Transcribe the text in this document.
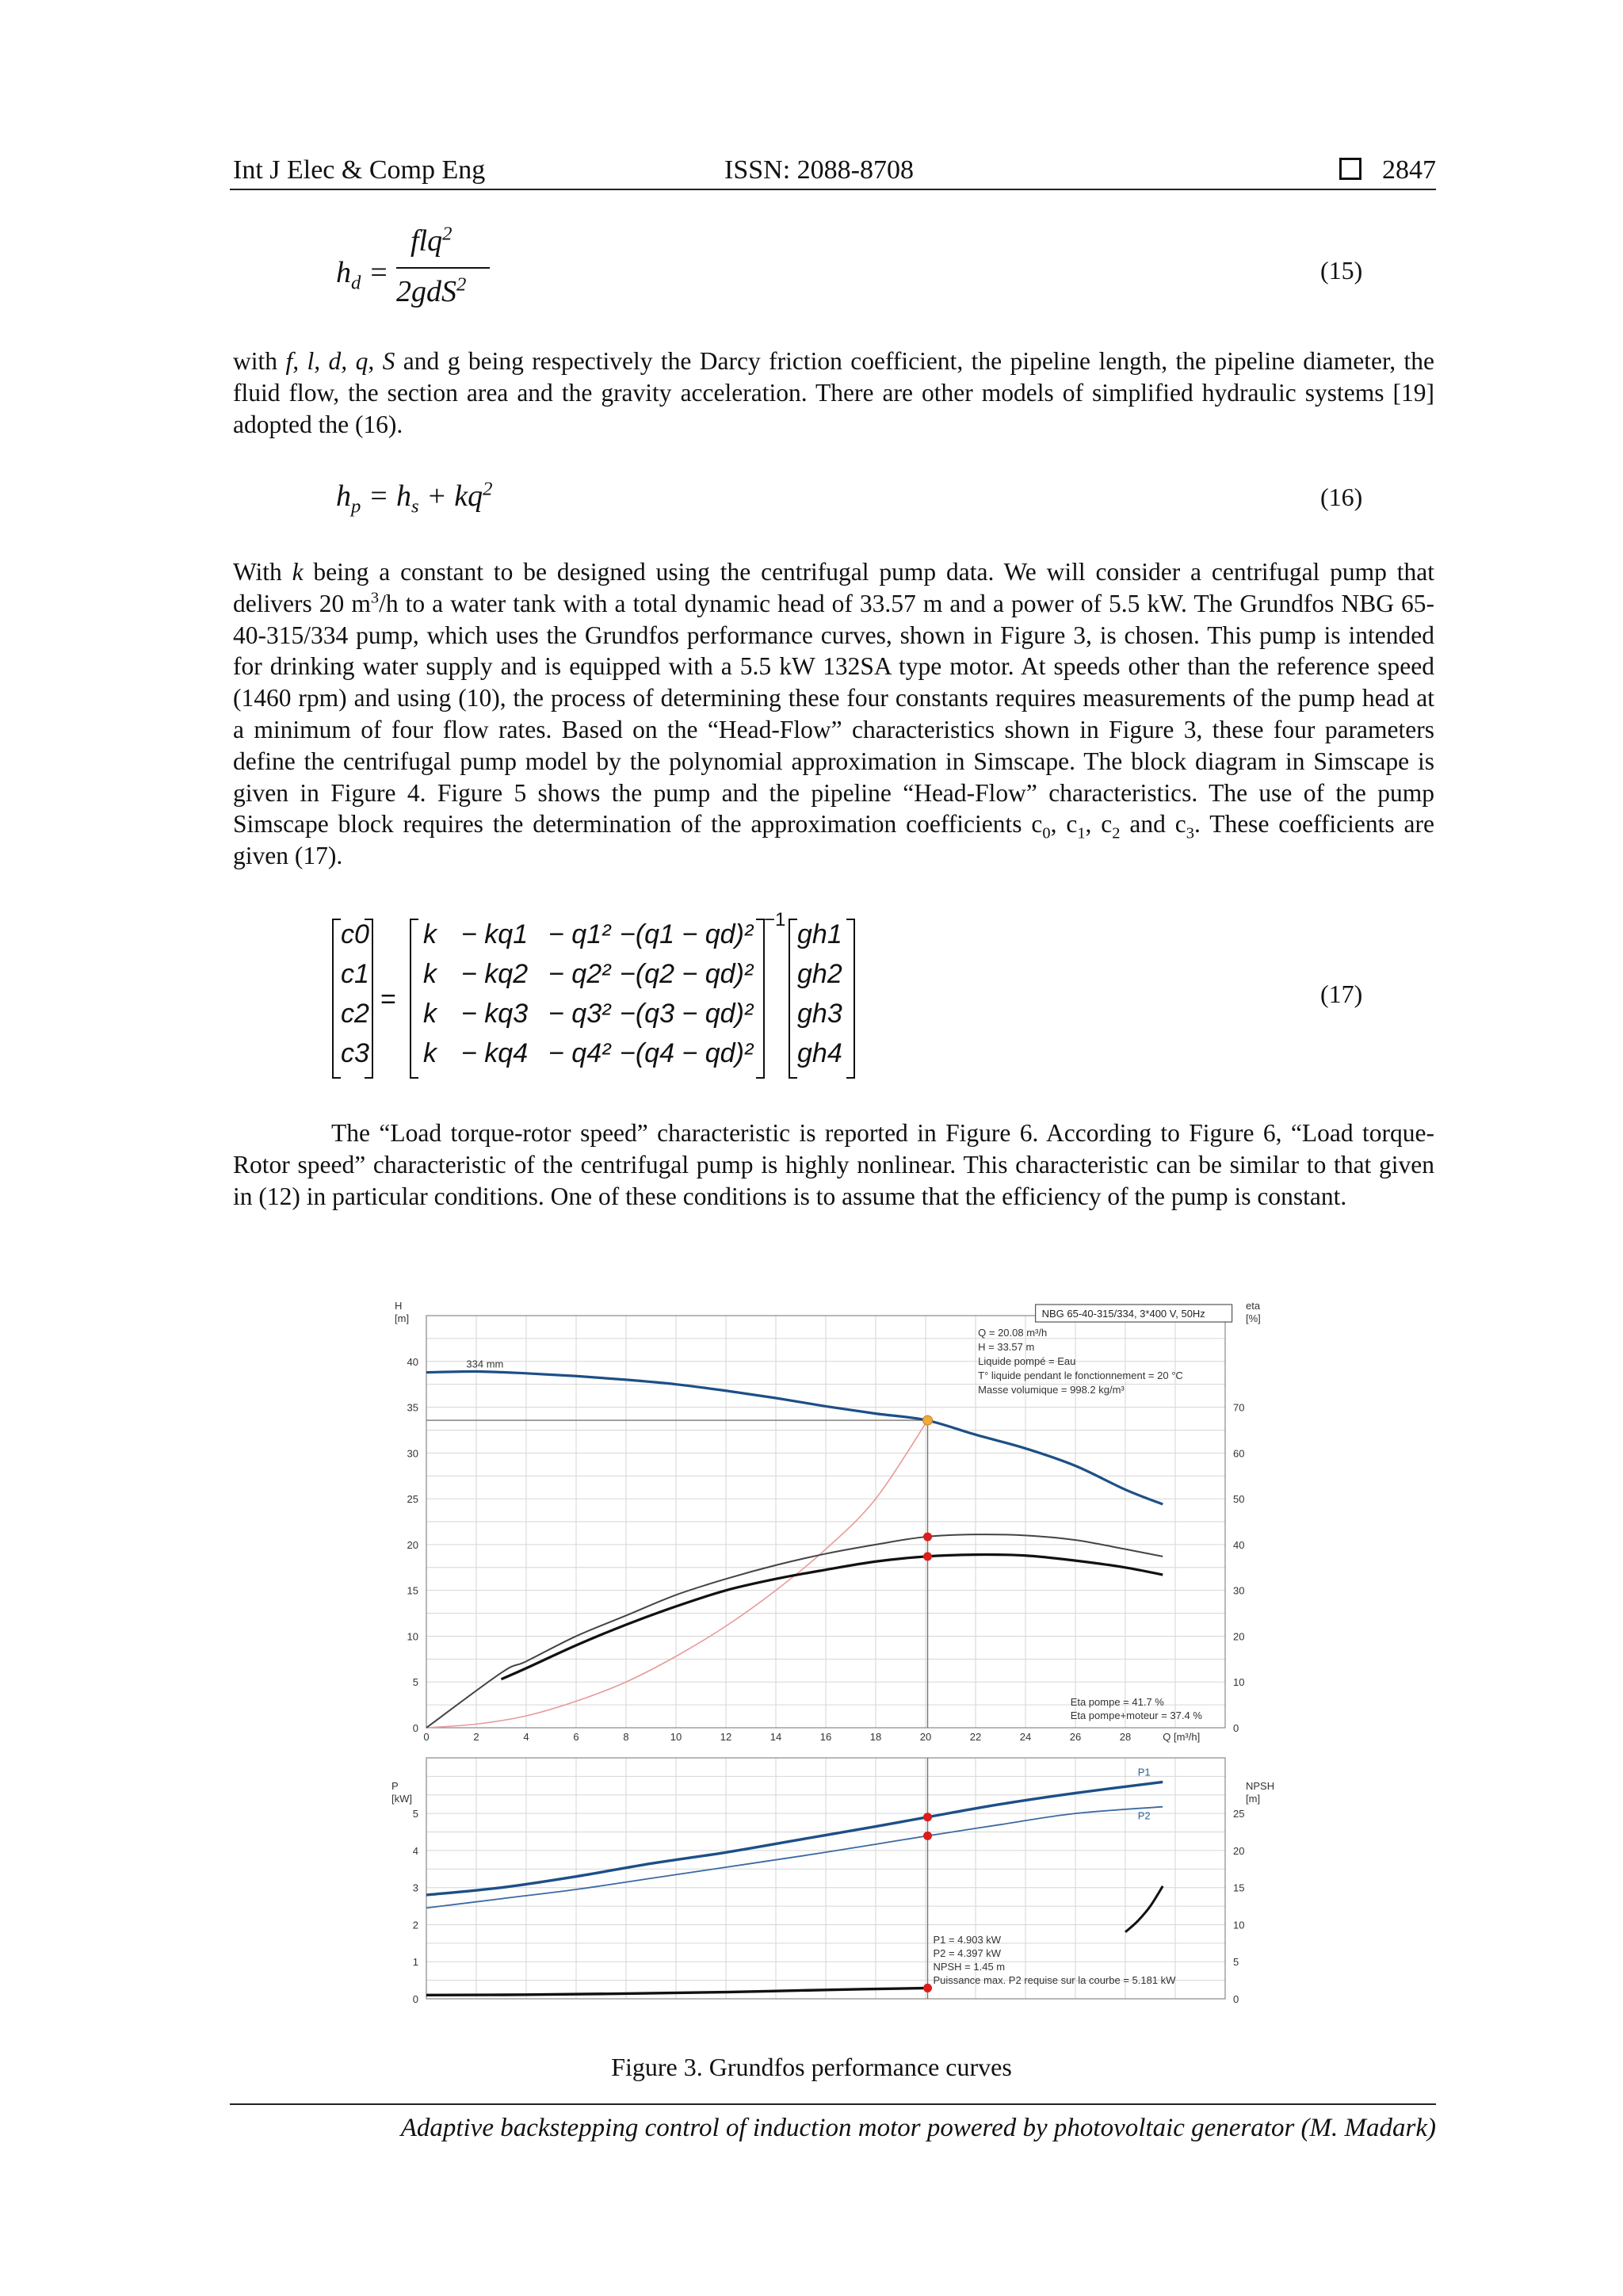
Int J Elec & Comp Eng	ISSN: 2088-8708	2847
$h_d$ =
flq$^2$
2gdS$^2$	(15)
with f, l, d, q, S and g being respectively the Darcy friction coefficient, the pipeline length, the pipeline diameter, the fluid flow, the section area and the gravity acceleration. There are other models of simplified hydraulic systems [19] adopted the (16).
$h_p = h_s + kq^2$	(16)
With k being a constant to be designed using the centrifugal pump data. We will consider a centrifugal pump that delivers 20 $m^3/h$ to a water tank with a total dynamic head of 33.57 m and a power of 5.5 kW. The Grundfos NBG 65-40-315/334 pump, which uses the Grundfos performance curves, shown in Figure 3, is chosen. This pump is intended for drinking water supply and is equipped with a 5.5 kW 132SA type motor. At speeds other than the reference speed (1460 rpm) and using (10), the process of determining these four constants requires measurements of the pump head at a minimum of four flow rates. Based on the “Head-Flow” characteristics shown in Figure 3, these four parameters define the centrifugal pump model by the polynomial approximation in Simscape. The block diagram in Simscape is given in Figure 4. Figure 5 shows the pump and the pipeline “Head-Flow” characteristics. The use of the pump Simscape block requires the determination of the approximation coefficients $c_0$, $c_1$, $c_2$ and $c_3$. These coefficients are given (17).
c0
c1
c2
c3
k − kq1 − q1² −(q1 − qd)²
k − kq2 − q2² −(q2 − qd)²
k − kq3 − q3² −(q3 − qd)²
k − kq4 − q4² −(q4 − qd)²
gh1
gh2
gh3
gh4
=
−1
(17)
The “Load torque-rotor speed” characteristic is reported in Figure 6. According to Figure 6, “Load torque-Rotor speed” characteristic of the centrifugal pump is highly nonlinear. This characteristic can be similar to that given in (12) in particular conditions. One of these conditions is to assume that the efficiency of the pump is constant.
0
5
10
15
20
25
30
35
40
0
10
20
30
40
50
60
70
0	2	4	6	8	10	12	14	16	18	20	22	24	26	28	Q [m³/h]
H
[m]
eta
[%]
0
1
2
3
4
5
0
5
10
15
20
25
P
[kW]
NPSH
[m]
334 mm
NBG 65-40-315/334, 3*400 V, 50Hz
Q = 20.08 m³/h
H = 33.57 m
Liquide pompé = Eau
T° liquide pendant le fonctionnement = 20 °C
Masse volumique = 998.2 kg/m³
Eta pompe = 41.7 %
Eta pompe+moteur = 37.4 %
P1
P2
P1 = 4.903 kW
P2 = 4.397 kW
NPSH = 1.45 m
Puissance max. P2 requise sur la courbe = 5.181 kW
Figure 3. Grundfos performance curves
Adaptive backstepping control of induction motor powered by photovoltaic generator (M. Madark)
